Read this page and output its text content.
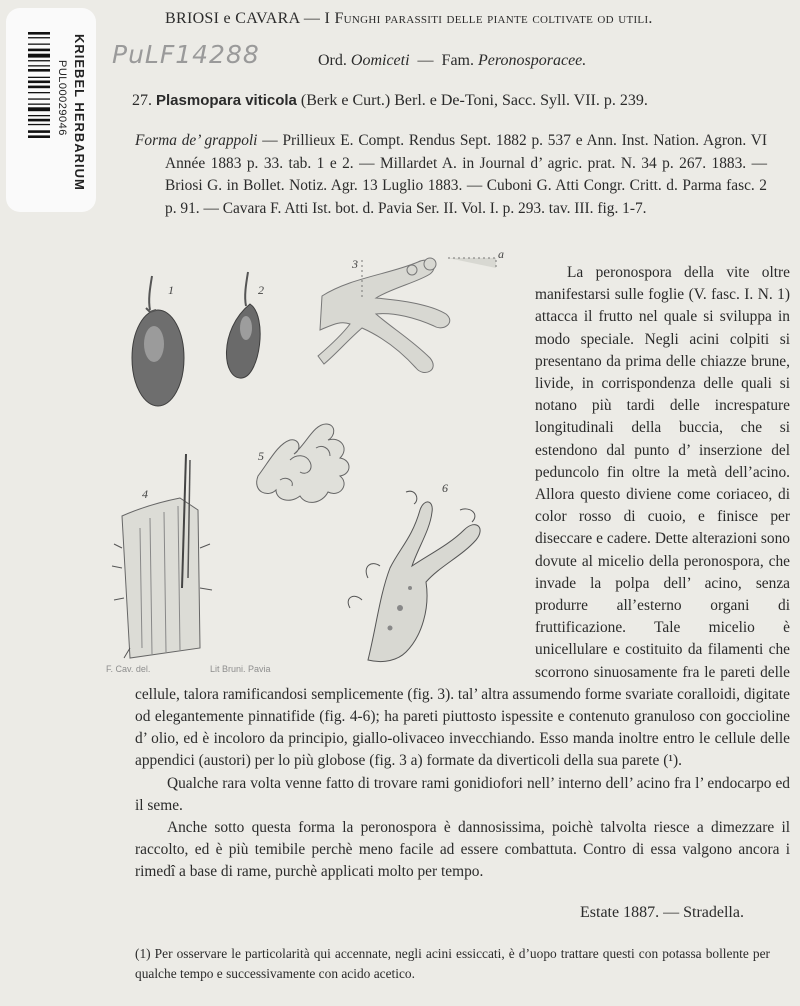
KRIEBEL HERBARIUM
PUL00029046
PuLF14288
BRIOSI e CAVARA — I Funghi parassiti delle piante coltivate od utili.
Ord. Oomiceti  —  Fam. Peronosporacee.
27. Plasmopara viticola (Berk e Curt.) Berl. e De-Toni, Sacc. Syll. VII. p. 239.
Forma de’ grappoli — Prillieux E. Compt. Rendus Sept. 1882 p. 537 e Ann. Inst. Nation. Agron. VI Année 1883 p. 33. tab. 1 e 2. — Millardet A. in Journal d’ agric. prat. N. 34 p. 267. 1883. — Briosi G. in Bollet. Notiz. Agr. 13 Luglio 1883. — Cuboni G. Atti Congr. Critt. d. Parma fasc. 2 p. 91. — Cavara F. Atti Ist. bot. d. Pavia Ser. II. Vol. I. p. 293. tav. III. fig. 1-7.
1	2
3
a
4
5
6
F. Cav. del.	Lit Bruni. Pavia
La peronospora della vite oltre manifestarsi sulle foglie (V. fasc. I. N. 1) attacca il frutto nel quale si sviluppa in modo speciale. Negli acini colpiti si presentano da prima delle chiazze brune, livide, in corrispondenza delle quali si notano più tardi delle increspature longitudinali della buccia, che si estendono dal punto d’ inserzione del peduncolo fin oltre la metà dell’acino. Allora questo diviene come coriaceo, di color rosso di cuoio, e finisce per diseccare e cadere. Dette alterazioni sono dovute al micelio della peronospora, che invade la polpa dell’ acino, senza produrre all’esterno organi di fruttificazione. Tale micelio è unicellulare e costituito da filamenti che scorrono sinuosamente fra le pareti delle cellule, talora ramificandosi semplicemente (fig. 3). tal’ altra assumendo forme svariate coralloidi, digitate od elegantemente pinnatifide (fig. 4-6); ha pareti piuttosto ispessite e contenuto granuloso con goccioline d’ olio, ed è incoloro da principio, giallo-olivaceo invecchiando. Esso manda inoltre entro le cellule delle appendici (austori) per lo più globose (fig. 3 a) formate da diverticoli della sua parete (¹).
Qualche rara volta venne fatto di trovare rami gonidiofori nell’ interno dell’ acino fra l’ endocarpo ed il seme.
Anche sotto questa forma la peronospora è dannosissima, poichè talvolta riesce a dimezzare il raccolto, ed è più temibile perchè meno facile ad essere combattuta. Contro di essa valgono ancora i rimedî a base di rame, purchè applicati molto per tempo.
Estate 1887. — Stradella.
(1) Per osservare le particolarità qui accennate, negli acini essiccati, è d’uopo trattare questi con potassa bollente per qualche tempo e successivamente con acido acetico.
